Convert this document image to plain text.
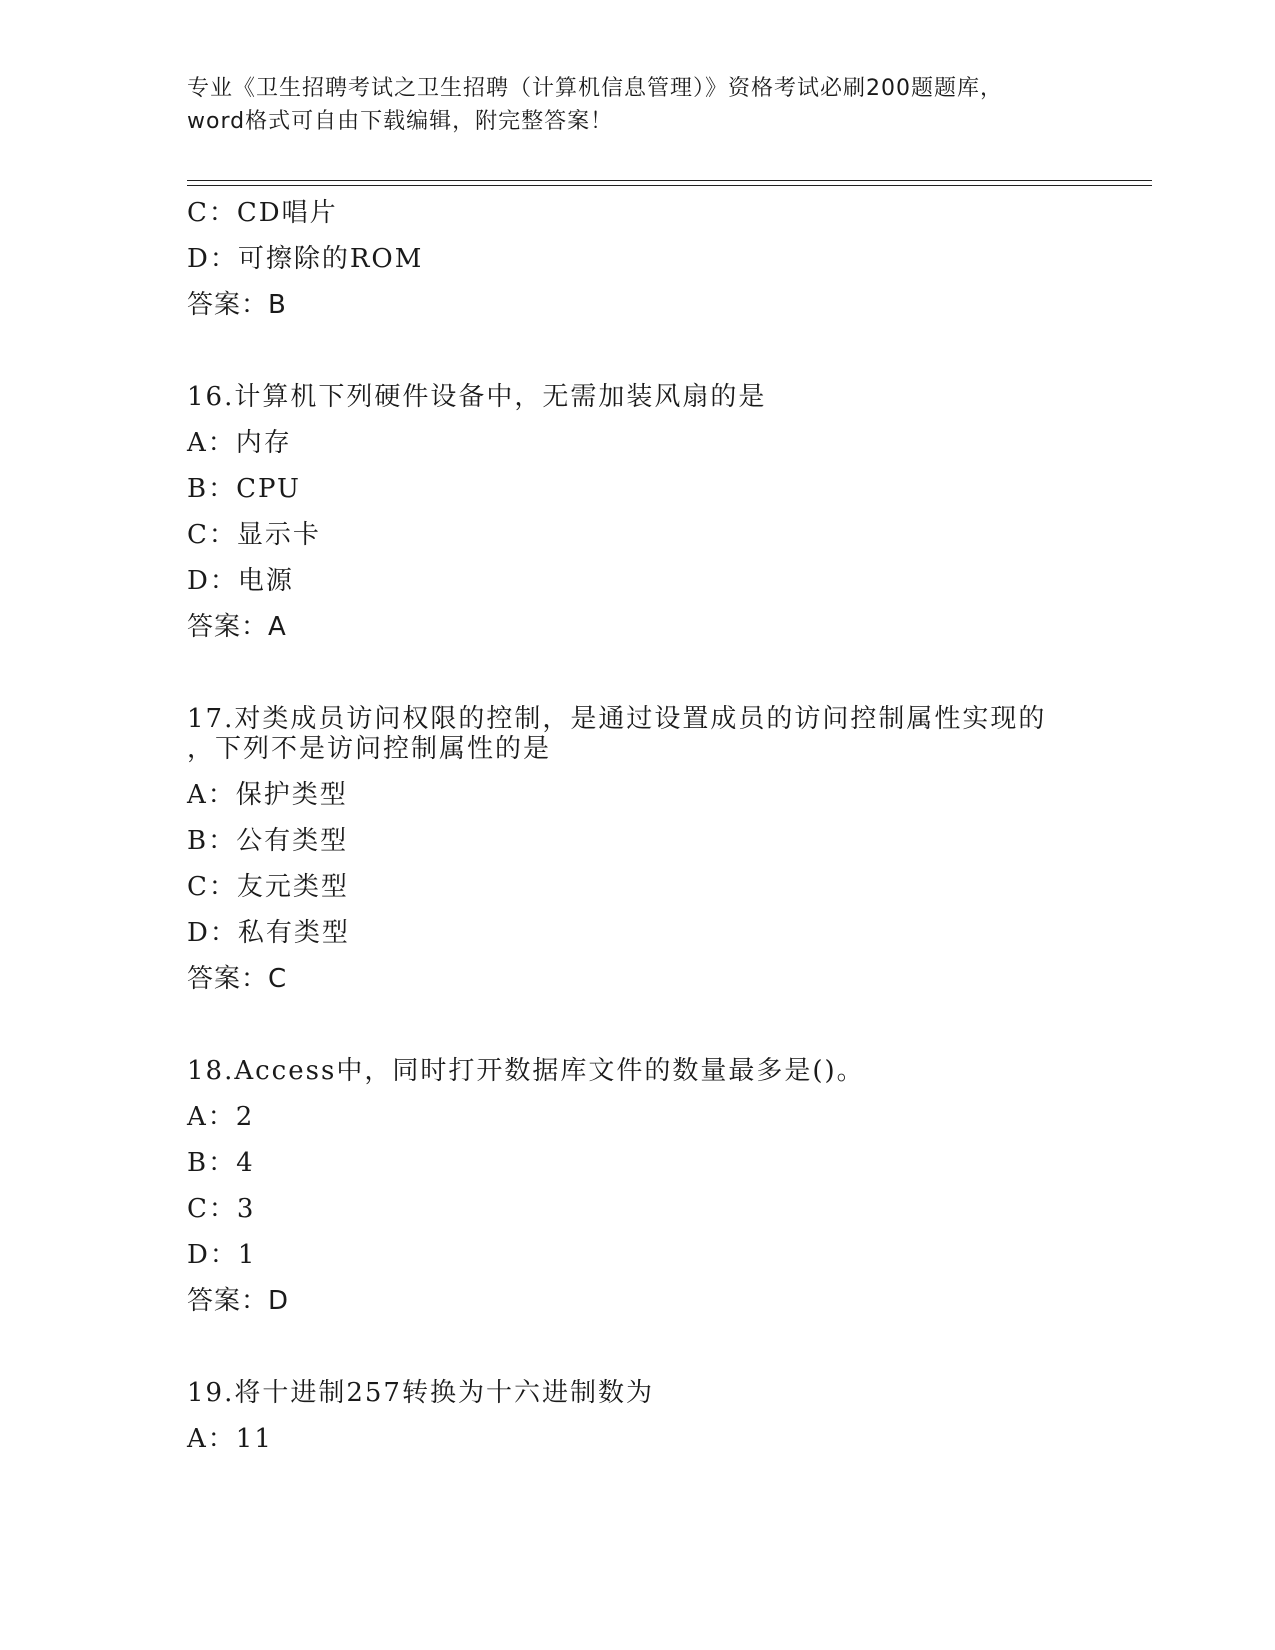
专业《卫生招聘考试之卫生招聘（计算机信息管理）》资格考试必刷200题题库，
word格式可自由下载编辑，附完整答案！
C：CD唱片
D：可擦除的ROM
答案：B
16.计算机下列硬件设备中，无需加装风扇的是
A：内存
B：CPU
C：显示卡
D：电源
答案：A
17.对类成员访问权限的控制，是通过设置成员的访问控制属性实现的
，下列不是访问控制属性的是
A：保护类型
B：公有类型
C：友元类型
D：私有类型
答案：C
18.Access中，同时打开数据库文件的数量最多是()。
A：2
B：4
C：3
D：1
答案：D
19.将十进制257转换为十六进制数为
A：11
